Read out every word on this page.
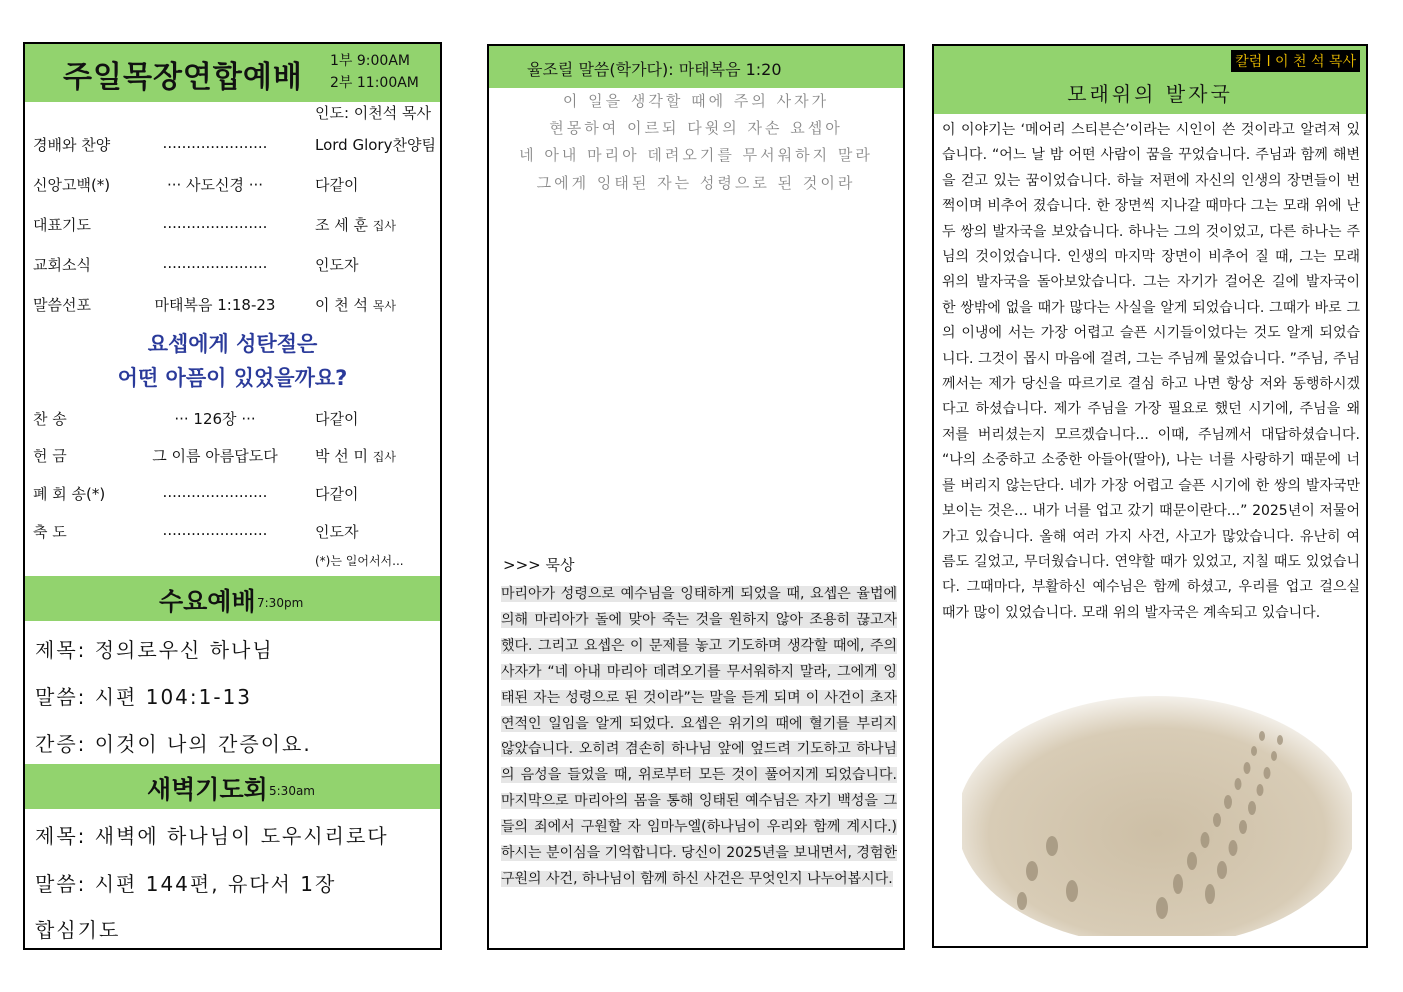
주일목장연합예배 1부 9:00AM
2부 11:00AM
인도: 이천석 목사
경배와 찬양	......................	Lord Glory찬양팀
신앙고백(*)	··· 사도신경 ···	다같이
대표기도	......................	조 세 훈 집사
교회소식	......................	인도자
말씀선포	마태복음 1:18-23	이 천 석 목사
요셉에게 성탄절은
어떤 아픔이 있었을까요?
찬 송	··· 126장 ···	다같이
헌 금	그 이름 아름답도다	박 선 미 집사
폐 회 송(*)	......................	다같이
축 도	......................	인도자
(*)는 일어서서...
수요예배 7:30pm
제목: 정의로우신 하나님
말씀: 시편 104:1-13
간증: 이것이 나의 간증이요.
새벽기도회 5:30am
제목: 새벽에 하나님이 도우시리로다
말씀: 시편 144편, 유다서 1장
합심기도
율조릴 말씀(학가다): 마태복음 1:20
이 일을 생각할 때에 주의 사자가
현몽하여 이르되 다윗의 자손 요셉아
네 아내 마리아 데려오기를 무서워하지 말라
그에게 잉태된 자는 성령으로 된 것이라
>>> 묵상
마리아가 성령으로 예수님을 잉태하게 되었을 때, 요셉은 율법에 의해 마리아가 돌에 맞아 죽는 것을 원하지 않아 조용히 끊고자 했다. 그리고 요셉은 이 문제를 놓고 기도하며 생각할 때에, 주의 사자가 “네 아내 마리아 데려오기를 무서워하지 말라, 그에게 잉태된 자는 성령으로 된 것이라”는 말을 듣게 되며 이 사건이 초자연적인 일임을 알게 되었다. 요셉은 위기의 때에 혈기를 부리지 않았습니다. 오히려 겸손히 하나님 앞에 엎드려 기도하고 하나님의 음성을 들었을 때, 위로부터 모든 것이 풀어지게 되었습니다. 마지막으로 마리아의 몸을 통해 잉태된 예수님은 자기 백성을 그들의 죄에서 구원할 자 임마누엘(하나님이 우리와 함께 계시다.) 하시는 분이심을 기억합니다. 당신이 2025년을 보내면서, 경험한 구원의 사건, 하나님이 함께 하신 사건은 무엇인지 나누어봅시다.
칼럼 l 이 천 석 목사
모래위의 발자국
이 이야기는 ‘메어리 스티븐슨’이라는 시인이 쓴 것이라고 알려져 있습니다. “어느 날 밤 어떤 사람이 꿈을 꾸었습니다. 주님과 함께 해변을 걷고 있는 꿈이었습니다. 하늘 저편에 자신의 인생의 장면들이 번쩍이며 비추어 졌습니다. 한 장면씩 지나갈 때마다 그는 모래 위에 난 두 쌍의 발자국을 보았습니다. 하나는 그의 것이었고, 다른 하나는 주님의 것이었습니다. 인생의 마지막 장면이 비추어 질 때, 그는 모래 위의 발자국을 돌아보았습니다. 그는 자기가 걸어온 길에 발자국이 한 쌍밖에 없을 때가 많다는 사실을 알게 되었습니다. 그때가 바로 그의 이냉에 서는 가장 어렵고 슬픈 시기들이었다는 것도 알게 되었습니다. 그것이 몹시 마음에 걸려, 그는 주님께 물었습니다. ”주님, 주님께서는 제가 당신을 따르기로 결심 하고 나면 항상 저와 동행하시겠다고 하셨습니다. 제가 주님을 가장 필요로 했던 시기에, 주님을 왜 저를 버리셨는지 모르겠습니다... 이때, 주님께서 대답하셨습니다. “나의 소중하고 소중한 아들아(딸아), 나는 너를 사랑하기 때문에 너를 버리지 않는단다. 네가 가장 어렵고 슬픈 시기에 한 쌍의 발자국만 보이는 것은... 내가 너를 업고 갔기 때문이란다...” 2025년이 저물어가고 있습니다. 올해 여러 가지 사건, 사고가 많았습니다. 유난히 여름도 길었고, 무더웠습니다. 연약할 때가 있었고, 지칠 때도 있었습니다. 그때마다, 부활하신 예수님은 함께 하셨고, 우리를 업고 걸으실 때가 많이 있었습니다. 모래 위의 발자국은 계속되고 있습니다.
